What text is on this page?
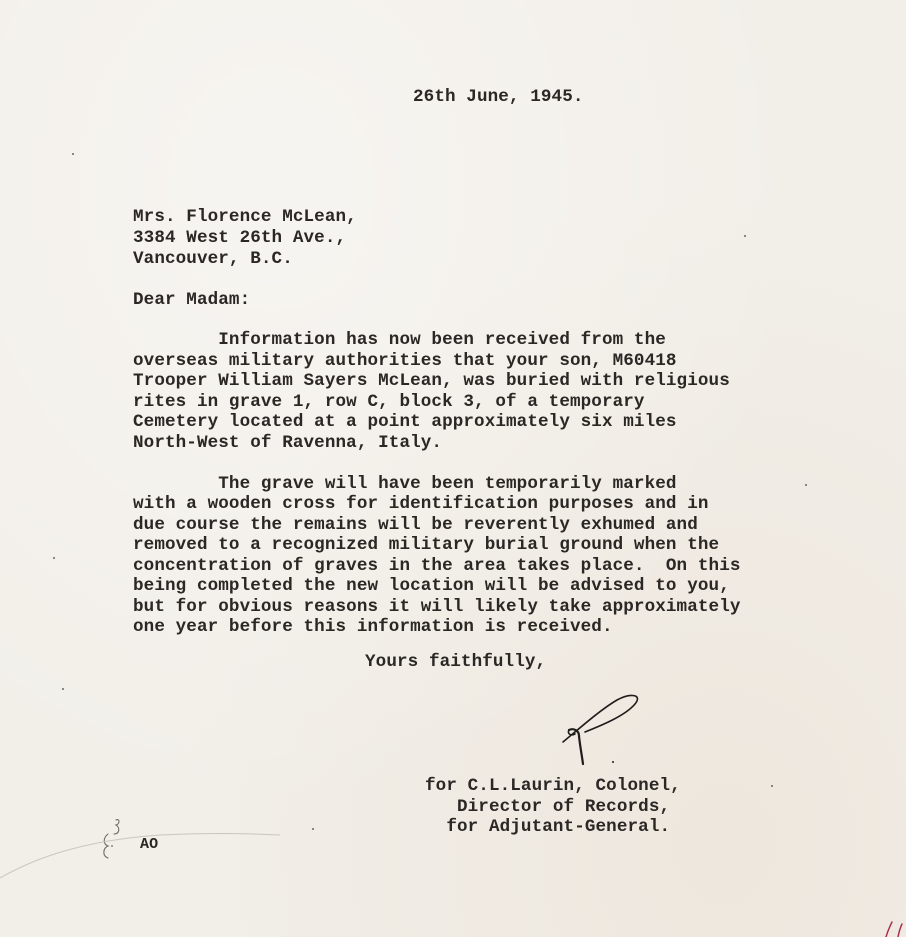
26th June, 1945.
Mrs. Florence McLean,
3384 West 26th Ave.,
Vancouver, B.C.
Dear Madam:
Information has now been received from the
overseas military authorities that your son, M60418
Trooper William Sayers McLean, was buried with religious
rites in grave 1, row C, block 3, of a temporary
Cemetery located at a point approximately six miles
North-West of Ravenna, Italy.
The grave will have been temporarily marked
with a wooden cross for identification purposes and in
due course the remains will be reverently exhumed and
removed to a recognized military burial ground when the
concentration of graves in the area takes place.  On this
being completed the new location will be advised to you,
but for obvious reasons it will likely take approximately
one year before this information is received.
Yours faithfully,
for C.L.Laurin, Colonel,
Director of Records,
for Adjutant-General.
AO
